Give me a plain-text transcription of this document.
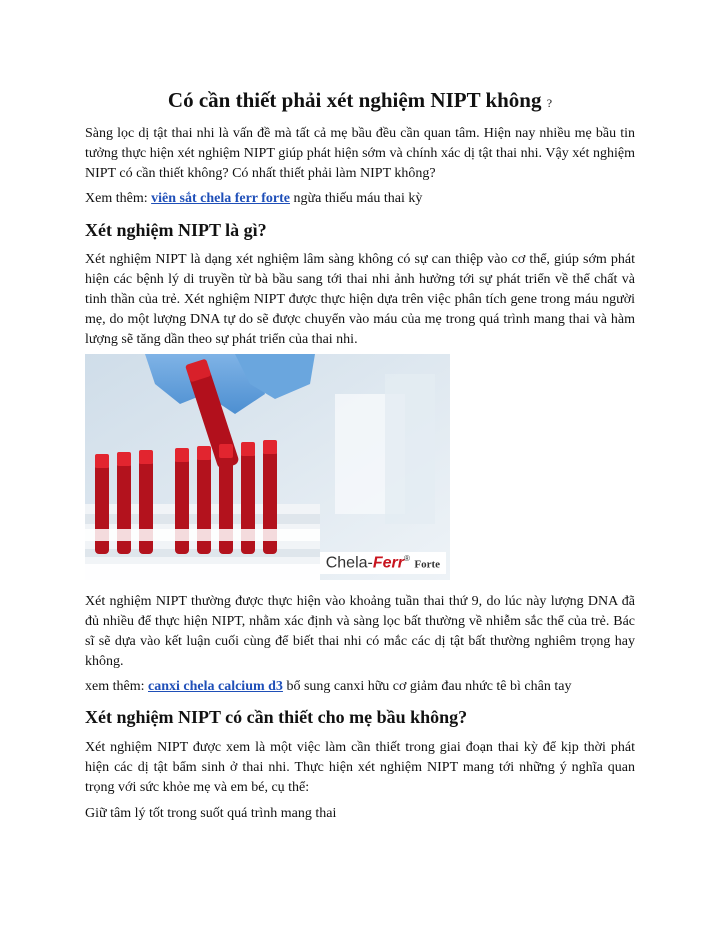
Có cần thiết phải xét nghiệm NIPT không ?

Sàng lọc dị tật thai nhi là vấn đề mà tất cả mẹ bầu đều cần quan tâm. Hiện nay nhiều mẹ bầu tin tưởng thực hiện xét nghiệm NIPT giúp phát hiện sớm và chính xác dị tật thai nhi. Vậy xét nghiệm NIPT có cần thiết không? Có nhất thiết phải làm NIPT không?

Xem thêm: viên sắt chela ferr forte ngừa thiếu máu thai kỳ

Xét nghiệm NIPT là gì?

Xét nghiệm NIPT là dạng xét nghiệm lâm sàng không có sự can thiệp vào cơ thể, giúp sớm phát hiện các bệnh lý di truyền từ bà bầu sang tới thai nhi ảnh hưởng tới sự phát triển về thể chất và tinh thần của trẻ. Xét nghiệm NIPT được thực hiện dựa trên việc phân tích gene trong máu người mẹ, do một lượng DNA tự do sẽ được chuyển vào máu của mẹ trong quá trình mang thai và hàm lượng sẽ tăng dần theo sự phát triển của thai nhi.

Chela-Ferr® Forte

Xét nghiệm NIPT thường được thực hiện vào khoảng tuần thai thứ 9, do lúc này lượng DNA đã đủ nhiều để thực hiện NIPT, nhằm xác định và sàng lọc bất thường về nhiễm sắc thể của trẻ. Bác sĩ sẽ dựa vào kết luận cuối cùng để biết thai nhi có mắc các dị tật bất thường nghiêm trọng hay không.

xem thêm: canxi chela calcium d3 bổ sung canxi hữu cơ giảm đau nhức tê bì chân tay

Xét nghiệm NIPT có cần thiết cho mẹ bầu không?

Xét nghiệm NIPT được xem là một việc làm cần thiết trong giai đoạn thai kỳ để kịp thời phát hiện các dị tật bẩm sinh ở thai nhi. Thực hiện xét nghiệm NIPT mang tới những ý nghĩa quan trọng với sức khỏe mẹ và em bé, cụ thể:

Giữ tâm lý tốt trong suốt quá trình mang thai
